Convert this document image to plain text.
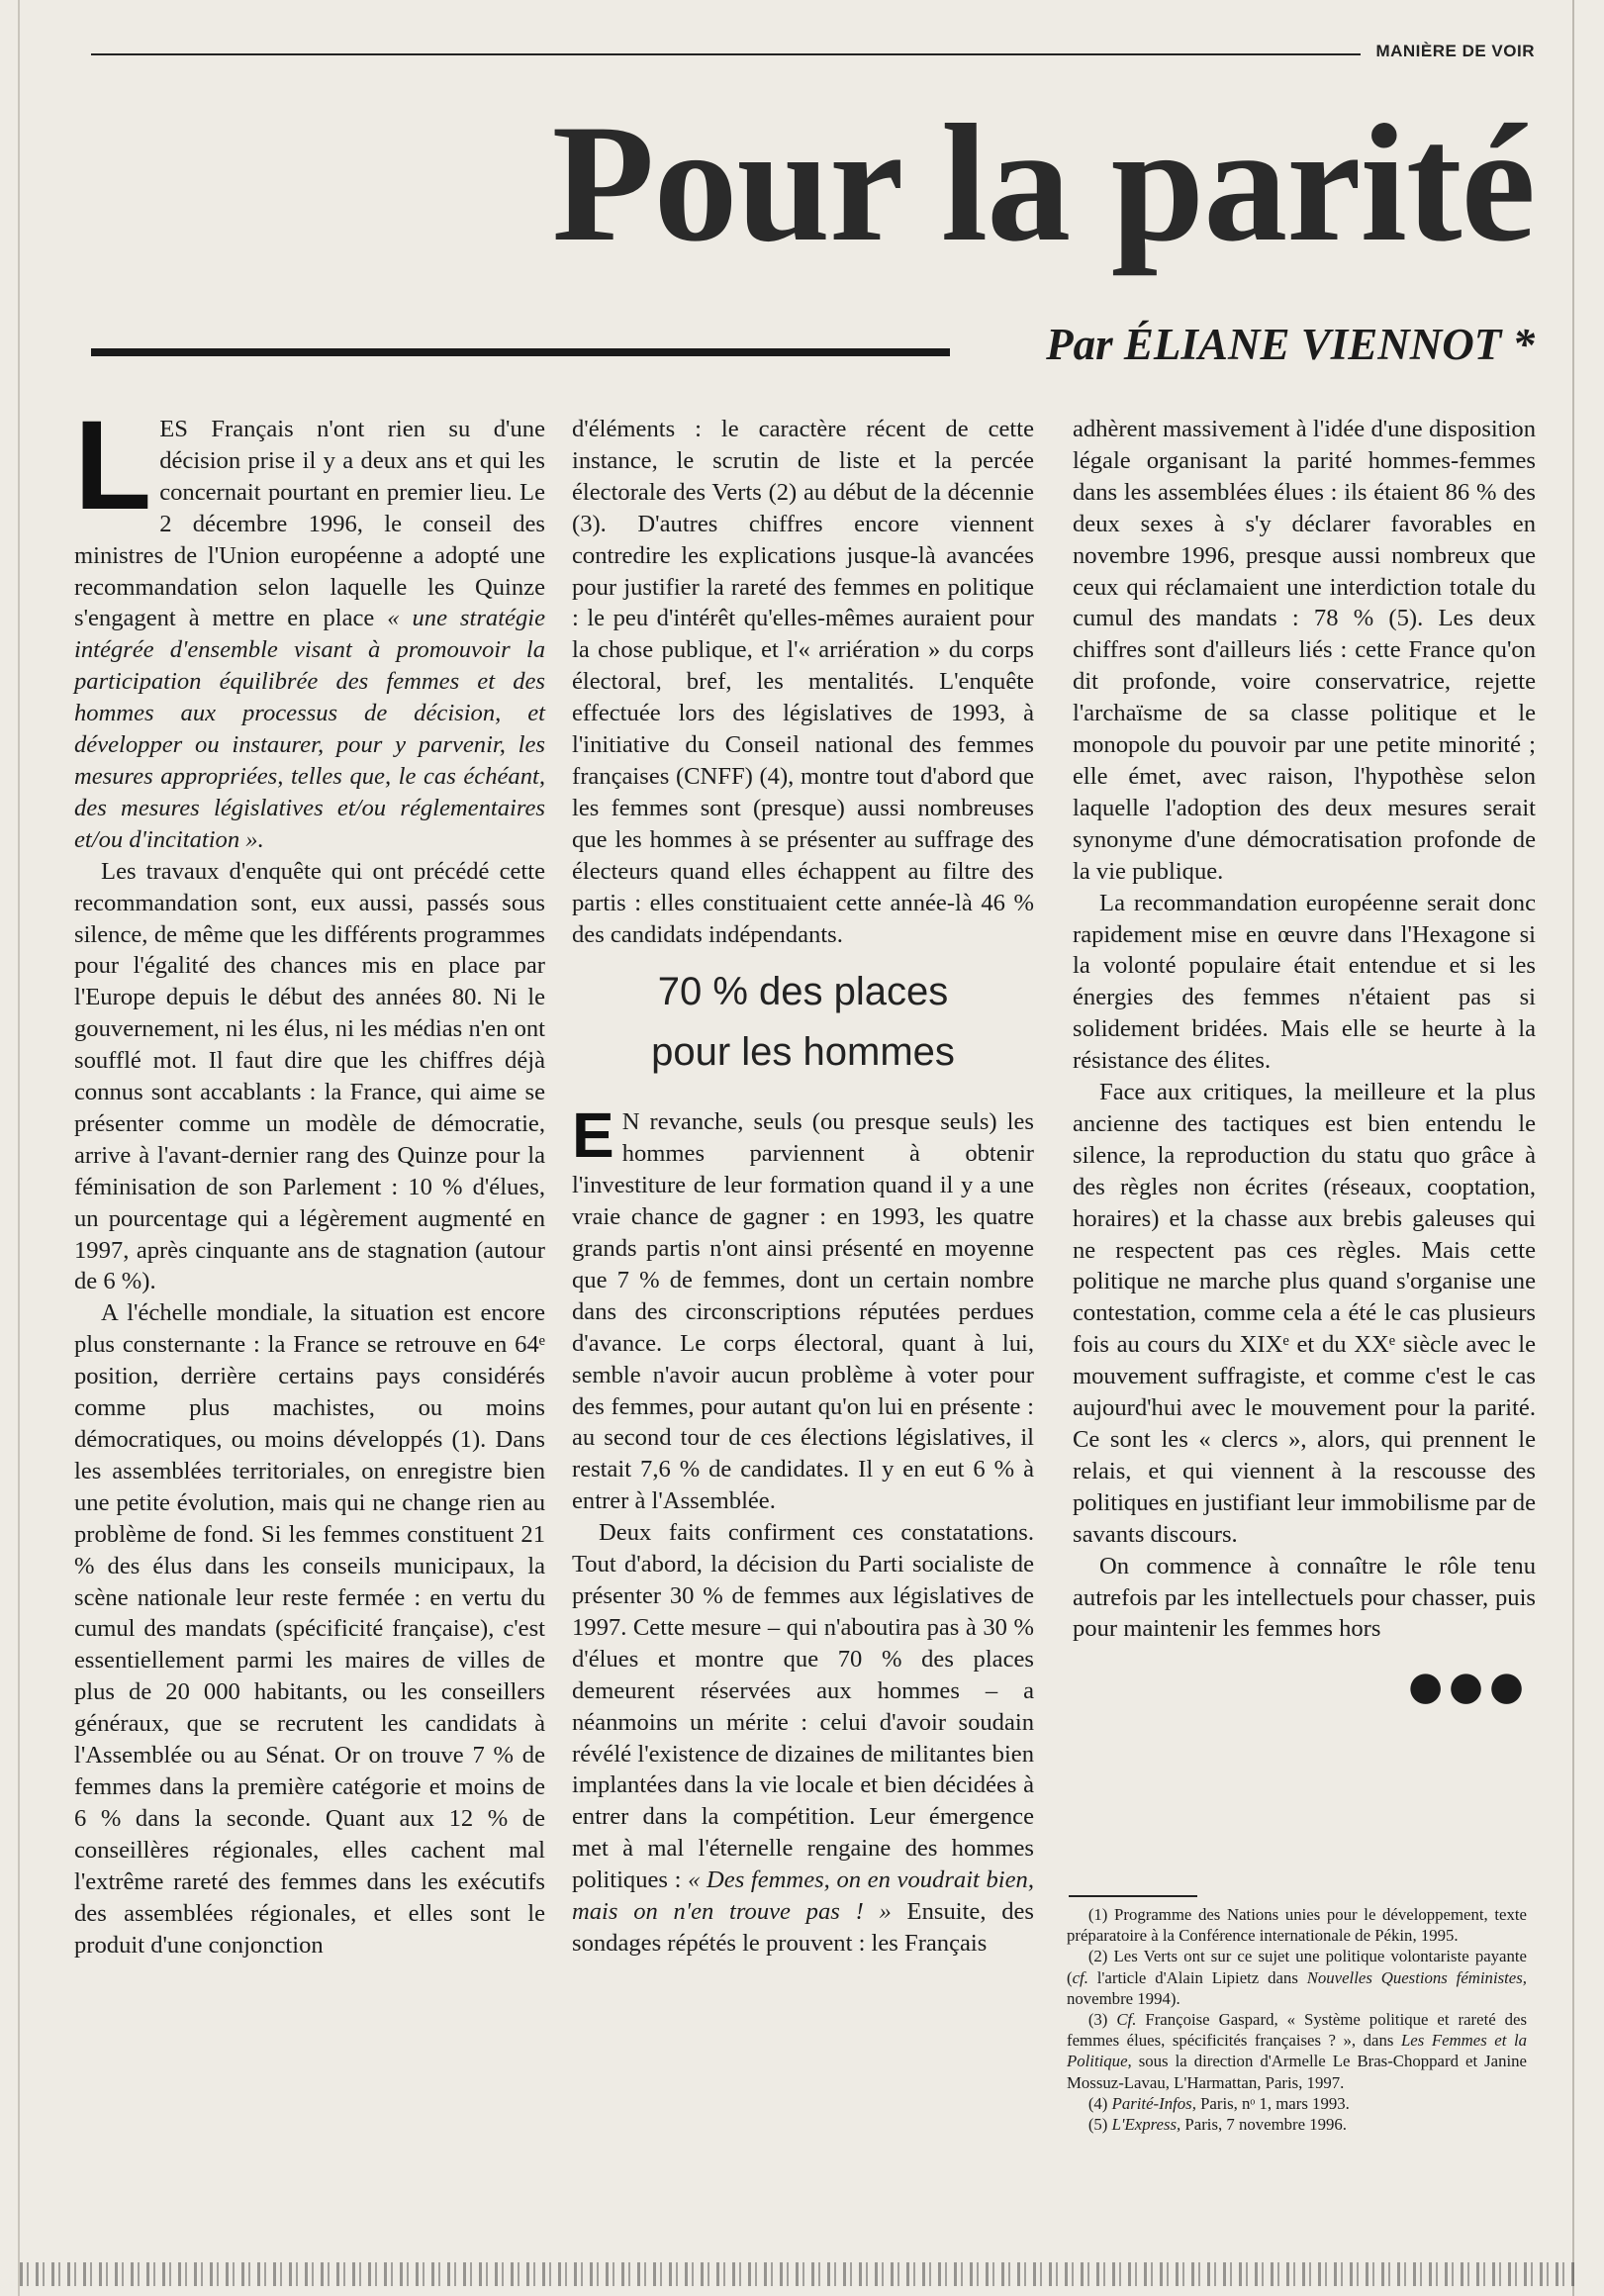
MANIÈRE DE VOIR
Pour la parité
Par ÉLIANE VIENNOT *

LES Français n'ont rien su d'une décision prise il y a deux ans et qui les concernait pourtant en premier lieu. Le 2 décembre 1996, le conseil des ministres de l'Union européenne a adopté une recommandation selon laquelle les Quinze s'engagent à mettre en place « une stratégie intégrée d'ensemble visant à promouvoir la participation équilibrée des femmes et des hommes aux processus de décision, et développer ou instaurer, pour y parvenir, les mesures appropriées, telles que, le cas échéant, des mesures législatives et/ou réglementaires et/ou d'incitation ».

Les travaux d'enquête qui ont précédé cette recommandation sont, eux aussi, passés sous silence, de même que les différents programmes pour l'égalité des chances mis en place par l'Europe depuis le début des années 80. Ni le gouvernement, ni les élus, ni les médias n'en ont soufflé mot. Il faut dire que les chiffres déjà connus sont accablants : la France, qui aime se présenter comme un modèle de démocratie, arrive à l'avant-dernier rang des Quinze pour la féminisation de son Parlement : 10 % d'élues, un pourcentage qui a légèrement augmenté en 1997, après cinquante ans de stagnation (autour de 6 %).

A l'échelle mondiale, la situation est encore plus consternante : la France se retrouve en 64ᵉ position, derrière certains pays considérés comme plus machistes, ou moins démocratiques, ou moins développés (1). Dans les assemblées territoriales, on enregistre bien une petite évolution, mais qui ne change rien au problème de fond. Si les femmes constituent 21 % des élus dans les conseils municipaux, la scène nationale leur reste fermée : en vertu du cumul des mandats (spécificité française), c'est essentiellement parmi les maires de villes de plus de 20 000 habitants, ou les conseillers généraux, que se recrutent les candidats à l'Assemblée ou au Sénat. Or on trouve 7 % de femmes dans la première catégorie et moins de 6 % dans la seconde. Quant aux 12 % de conseillères régionales, elles cachent mal l'extrême rareté des femmes dans les exécutifs des assemblées régionales, et elles sont le produit d'une conjonction

d'éléments : le caractère récent de cette instance, le scrutin de liste et la percée électorale des Verts (2) au début de la décennie (3). D'autres chiffres encore viennent contredire les explications jusque-là avancées pour justifier la rareté des femmes en politique : le peu d'intérêt qu'elles-mêmes auraient pour la chose publique, et l'« arriération » du corps électoral, bref, les mentalités. L'enquête effectuée lors des législatives de 1993, à l'initiative du Conseil national des femmes françaises (CNFF) (4), montre tout d'abord que les femmes sont (presque) aussi nombreuses que les hommes à se présenter au suffrage des électeurs quand elles échappent au filtre des partis : elles constituaient cette année-là 46 % des candidats indépendants.

70 % des places
pour les hommes

E N revanche, seuls (ou presque seuls) les hommes parviennent à obtenir l'investiture de leur formation quand il y a une vraie chance de gagner : en 1993, les quatre grands partis n'ont ainsi présenté en moyenne que 7 % de femmes, dont un certain nombre dans des circonscriptions réputées perdues d'avance. Le corps électoral, quant à lui, semble n'avoir aucun problème à voter pour des femmes, pour autant qu'on lui en présente : au second tour de ces élections législatives, il restait 7,6 % de candidates. Il y en eut 6 % à entrer à l'Assemblée.

Deux faits confirment ces constatations. Tout d'abord, la décision du Parti socialiste de présenter 30 % de femmes aux législatives de 1997. Cette mesure – qui n'aboutira pas à 30 % d'élues et montre que 70 % des places demeurent réservées aux hommes – a néanmoins un mérite : celui d'avoir soudain révélé l'existence de dizaines de militantes bien implantées dans la vie locale et bien décidées à entrer dans la compétition. Leur émergence met à mal l'éternelle rengaine des hommes politiques : « Des femmes, on en voudrait bien, mais on n'en trouve pas ! » Ensuite, des sondages répétés le prouvent : les Français

adhèrent massivement à l'idée d'une disposition légale organisant la parité hommes-femmes dans les assemblées élues : ils étaient 86 % des deux sexes à s'y déclarer favorables en novembre 1996, presque aussi nombreux que ceux qui réclamaient une interdiction totale du cumul des mandats : 78 % (5). Les deux chiffres sont d'ailleurs liés : cette France qu'on dit profonde, voire conservatrice, rejette l'archaïsme de sa classe politique et le monopole du pouvoir par une petite minorité ; elle émet, avec raison, l'hypothèse selon laquelle l'adoption des deux mesures serait synonyme d'une démocratisation profonde de la vie publique.

La recommandation européenne serait donc rapidement mise en œuvre dans l'Hexagone si la volonté populaire était entendue et si les énergies des femmes n'étaient pas si solidement bridées. Mais elle se heurte à la résistance des élites.

Face aux critiques, la meilleure et la plus ancienne des tactiques est bien entendu le silence, la reproduction du statu quo grâce à des règles non écrites (réseaux, cooptation, horaires) et la chasse aux brebis galeuses qui ne respectent pas ces règles. Mais cette politique ne marche plus quand s'organise une contestation, comme cela a été le cas plusieurs fois au cours du XIXᵉ et du XXᵉ siècle avec le mouvement suffragiste, et comme c'est le cas aujourd'hui avec le mouvement pour la parité. Ce sont les « clercs », alors, qui prennent le relais, et qui viennent à la rescousse des politiques en justifiant leur immobilisme par de savants discours.

On commence à connaître le rôle tenu autrefois par les intellectuels pour chasser, puis pour maintenir les femmes hors

●●●

(1) Programme des Nations unies pour le développement, texte préparatoire à la Conférence internationale de Pékin, 1995.

(2) Les Verts ont sur ce sujet une politique volontariste payante (cf. l'article d'Alain Lipietz dans Nouvelles Questions féministes, novembre 1994).

(3) Cf. Françoise Gaspard, « Système politique et rareté des femmes élues, spécificités françaises ? », dans Les Femmes et la Politique, sous la direction d'Armelle Le Bras-Choppard et Janine Mossuz-Lavau, L'Harmattan, Paris, 1997.

(4) Parité-Infos, Paris, nᵒ 1, mars 1993.

(5) L'Express, Paris, 7 novembre 1996.
